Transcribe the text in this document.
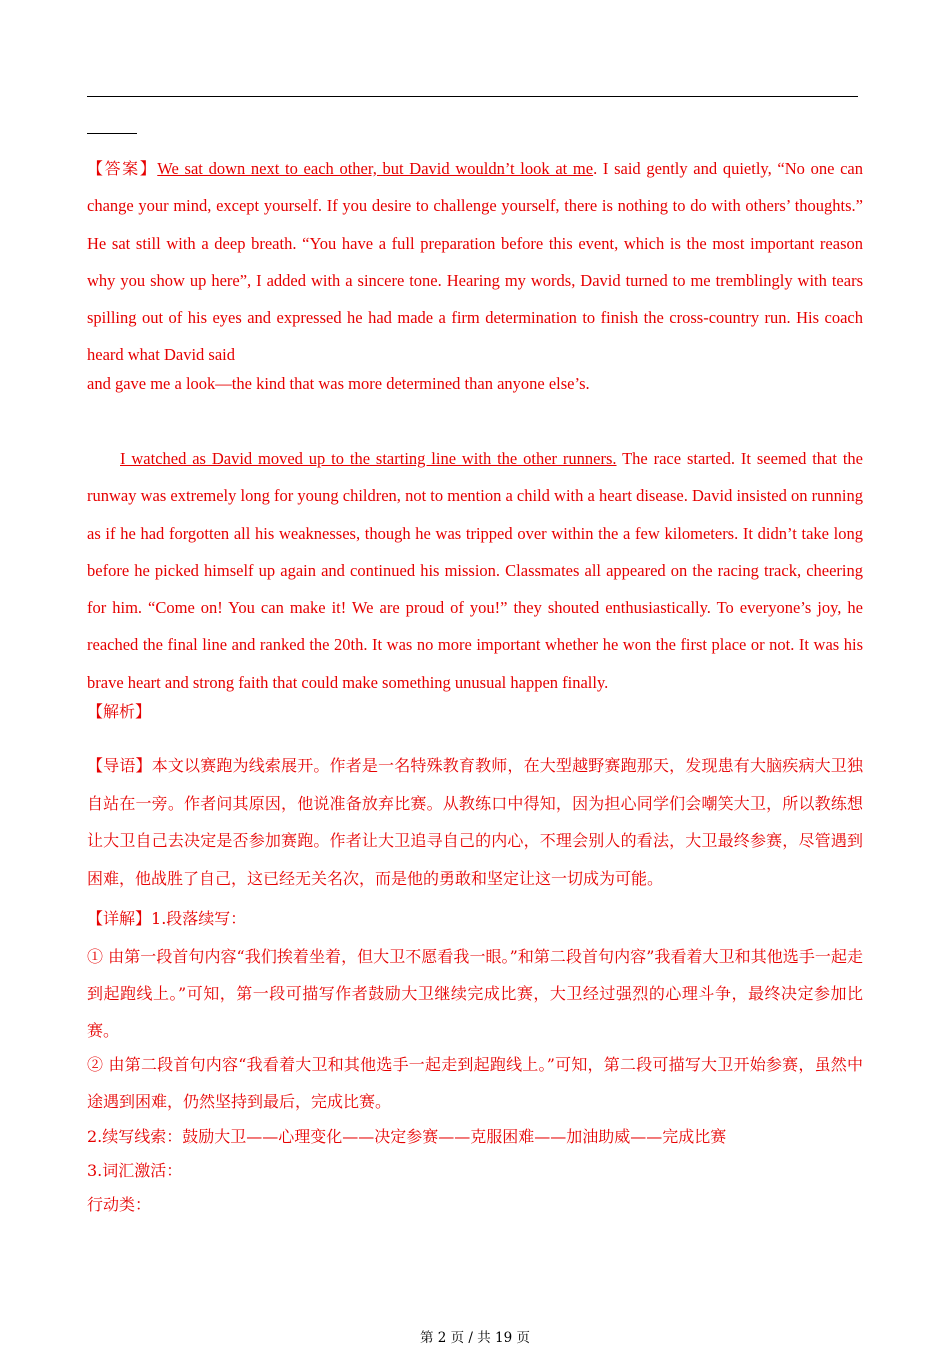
【答案】We sat down next to each other, but David wouldn’t look at me. I said gently and quietly, “No one can change your mind, except yourself. If you desire to challenge yourself, there is nothing to do with others’ thoughts.” He sat still with a deep breath. “You have a full preparation before this event, which is the most important reason why you show up here”, I added with a sincere tone. Hearing my words, David turned to me tremblingly with tears spilling out of his eyes and expressed he had made a firm determination to finish the cross-country run. His coach heard what David said
and gave me a look—the kind that was more determined than anyone else’s.
I watched as David moved up to the starting line with the other runners. The race started. It seemed that the runway was extremely long for young children, not to mention a child with a heart disease. David insisted on running as if he had forgotten all his weaknesses, though he was tripped over within the a few kilometers. It didn’t take long before he picked himself up again and continued his mission. Classmates all appeared on the racing track, cheering for him. “Come on! You can make it! We are proud of you!” they shouted enthusiastically. To everyone’s joy, he reached the final line and ranked the 20th. It was no more important whether he won the first place or not. It was his brave heart and strong faith that could make something unusual happen finally.
【解析】
【导语】本文以赛跑为线索展开。作者是一名特殊教育教师，在大型越野赛跑那天，发现患有大脑疾病大卫独自站在一旁。作者问其原因，他说准备放弃比赛。从教练口中得知，因为担心同学们会嘲笑大卫，所以教练想让大卫自己去决定是否参加赛跑。作者让大卫追寻自己的内心，不理会别人的看法，大卫最终参赛，尽管遇到困难，他战胜了自己，这已经无关名次，而是他的勇敢和坚定让这一切成为可能。
【详解】1.段落续写：
① 由第一段首句内容“我们挨着坐着，但大卫不愿看我一眼。”和第二段首句内容”我看着大卫和其他选手一起走到起跑线上。”可知，第一段可描写作者鼓励大卫继续完成比赛，大卫经过强烈的心理斗争，最终决定参加比赛。
② 由第二段首句内容“我看着大卫和其他选手一起走到起跑线上。”可知，第二段可描写大卫开始参赛，虽然中途遇到困难，仍然坚持到最后，完成比赛。
2.续写线索：鼓励大卫——心理变化——决定参赛——克服困难——加油助威——完成比赛
3.词汇激活：
行动类：
第 2 页 / 共 19 页
